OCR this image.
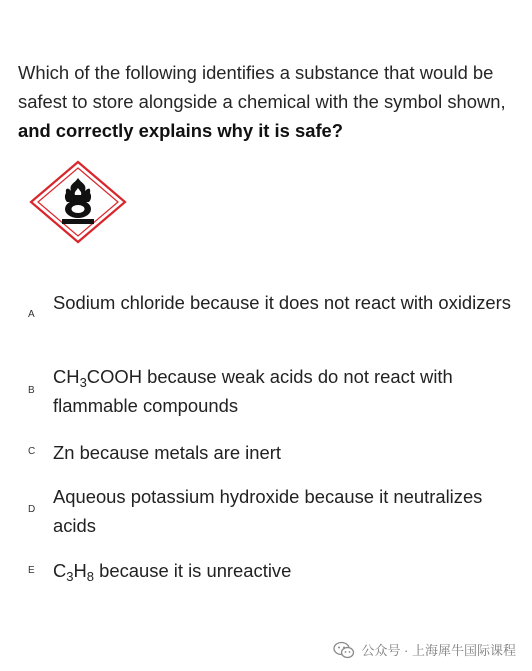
Which of the following identifies a substance that would be safest to store alongside a chemical with the symbol shown, and correctly explains why it is safe?
A
Sodium chloride because it does not react with oxidizers
B
$CH_3COOH$ because weak acids do not react with flammable compounds
C Zn because metals are inert
D
Aqueous potassium hydroxide because it neutralizes acids
E $C_3H_8$ because it is unreactive
公众号 · 上海犀牛国际课程
